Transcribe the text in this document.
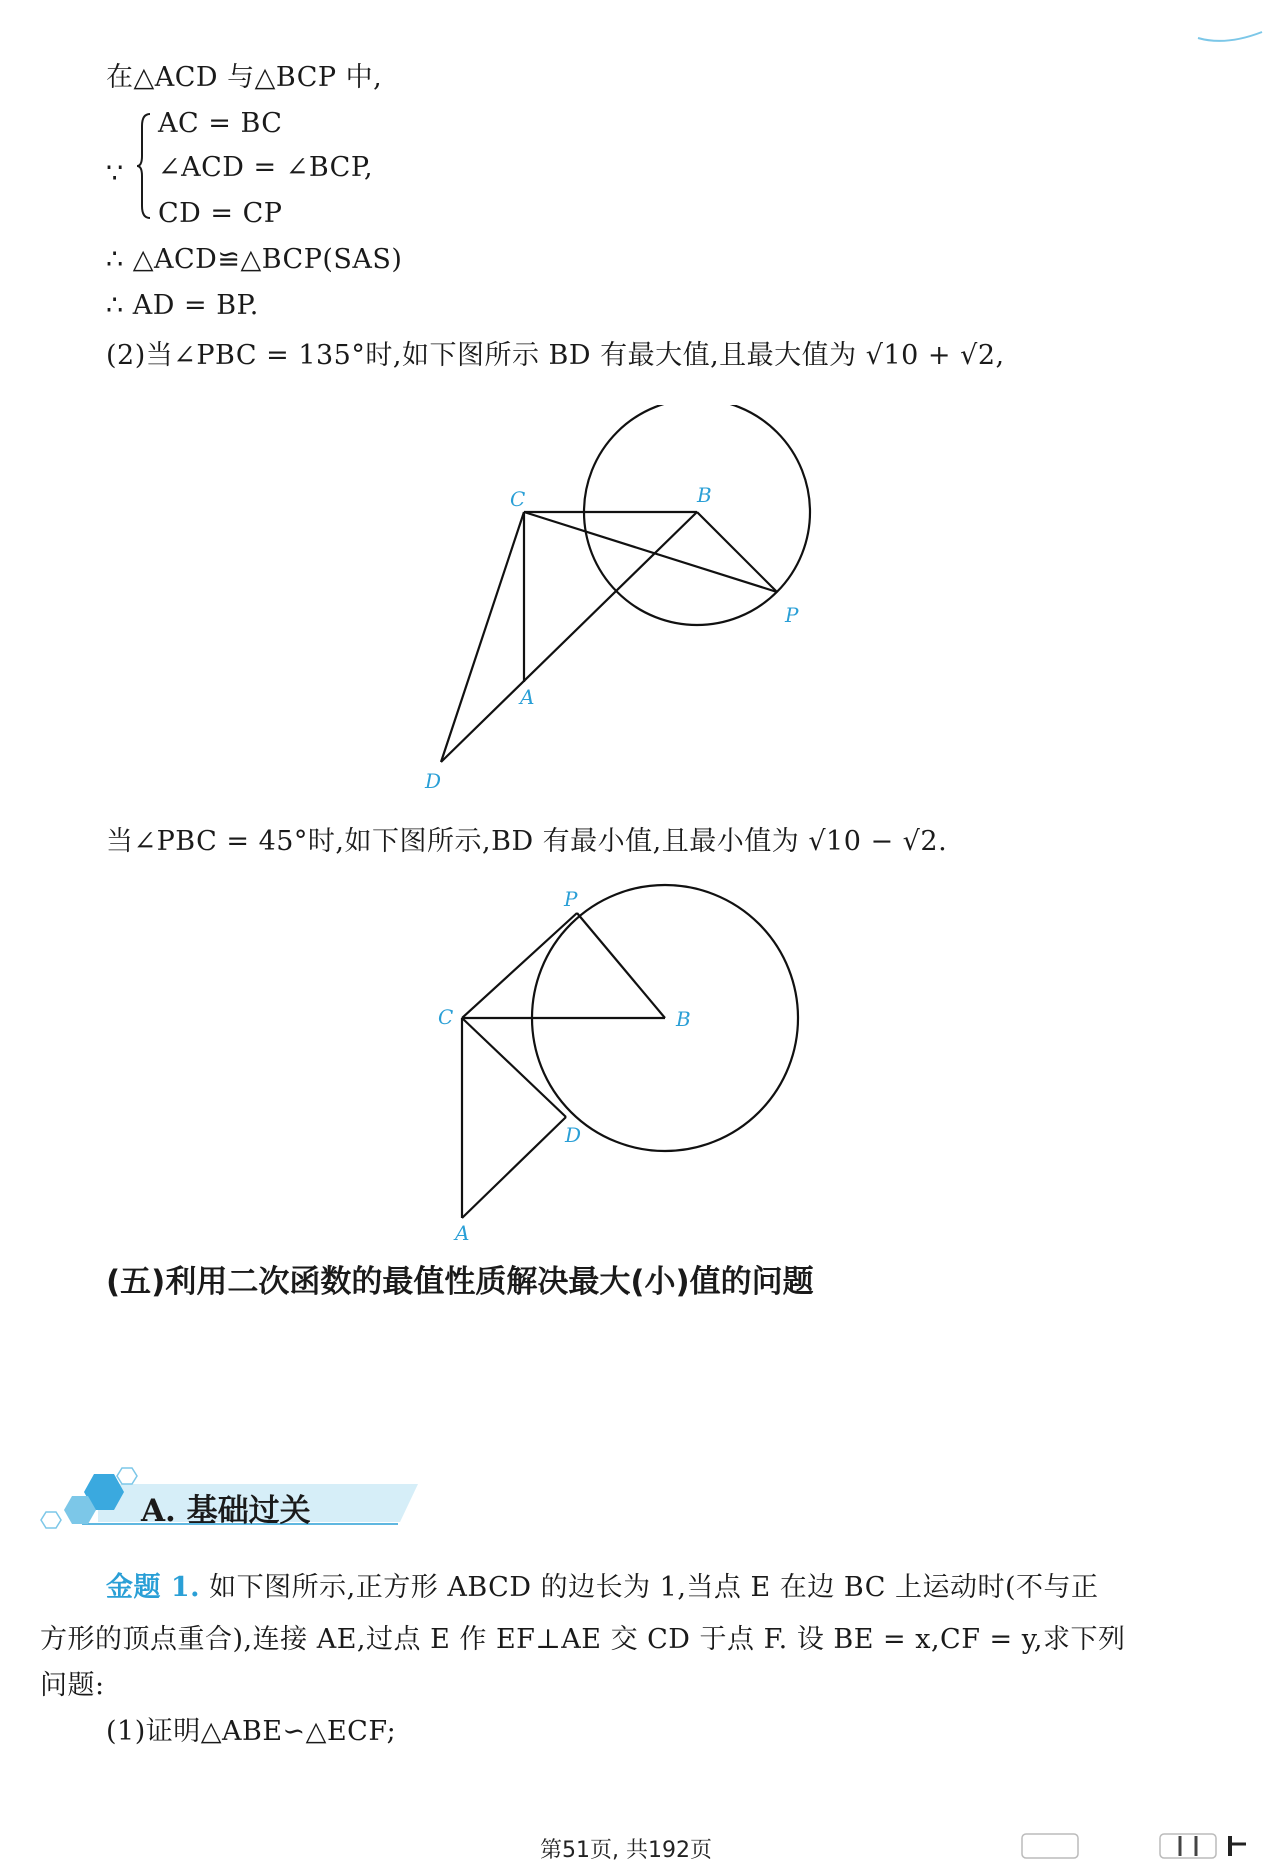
在△ACD 与△BCP 中,
∵
AC = BC
∠ACD = ∠BCP,
CD = CP
∴ △ACD≌△BCP(SAS)
∴ AD = BP.
(2)当∠PBC = 135°时,如下图所示 BD 有最大值,且最大值为 √10 + √2,
C	B
P
A
D
当∠PBC = 45°时,如下图所示,BD 有最小值,且最小值为 √10 − √2.
P
C	B
D
A
(五)利用二次函数的最值性质解决最大(小)值的问题
A. 基础过关
金题 1. 如下图所示,正方形 ABCD 的边长为 1,当点 E 在边 BC 上运动时(不与正
方形的顶点重合),连接 AE,过点 E 作 EF⊥AE 交 CD 于点 F. 设 BE = x,CF = y,求下列
问题:
(1)证明△ABE∽△ECF;
第51页, 共192页
